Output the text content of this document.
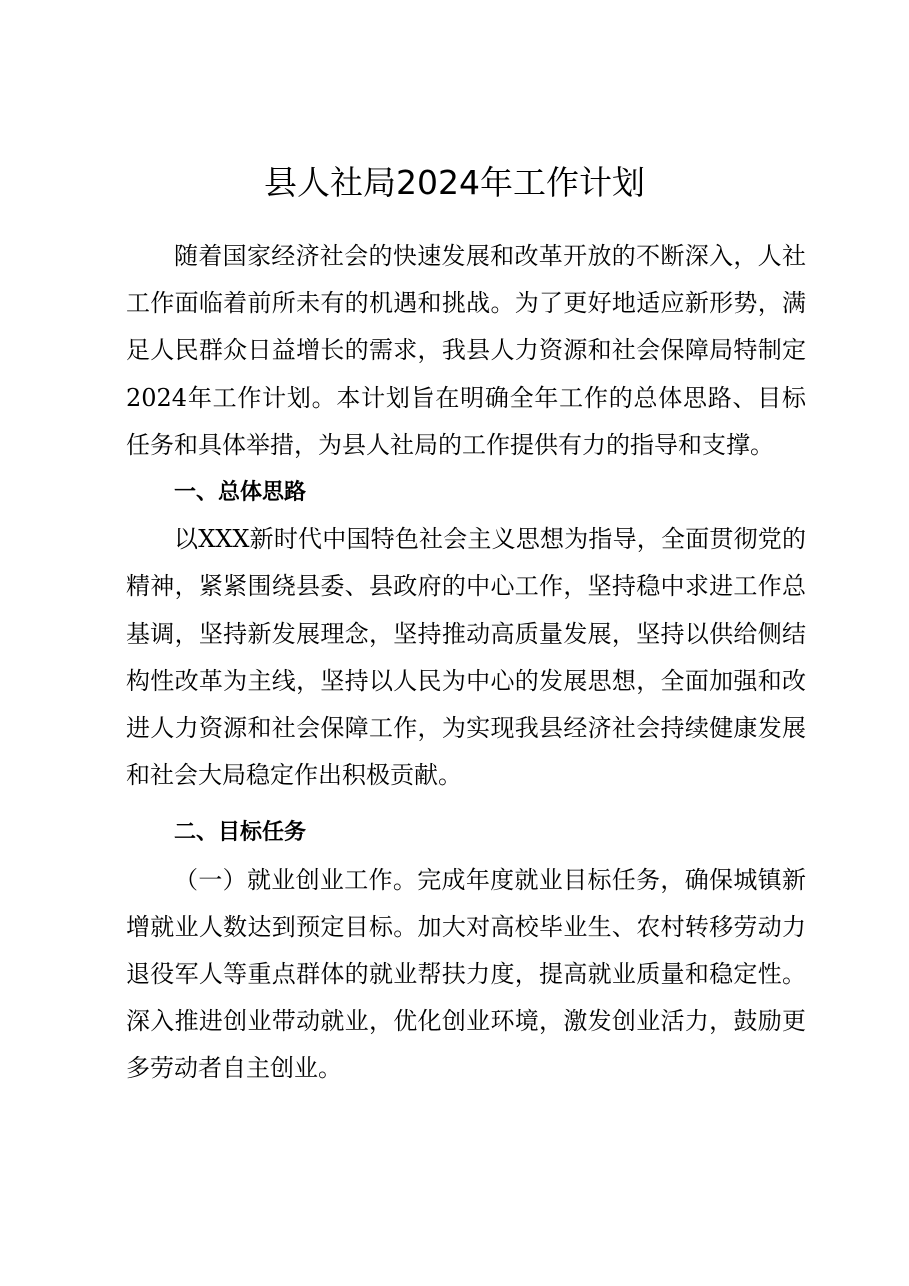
县人社局2024年工作计划

随着国家经济社会的快速发展和改革开放的不断深入，人社工作面临着前所未有的机遇和挑战。为了更好地适应新形势，满足人民群众日益增长的需求，我县人力资源和社会保障局特制定2024年工作计划。本计划旨在明确全年工作的总体思路、目标任务和具体举措，为县人社局的工作提供有力的指导和支撑。

一、总体思路

以XXX新时代中国特色社会主义思想为指导，全面贯彻党的精神，紧紧围绕县委、县政府的中心工作，坚持稳中求进工作总基调，坚持新发展理念，坚持推动高质量发展，坚持以供给侧结构性改革为主线，坚持以人民为中心的发展思想，全面加强和改进人力资源和社会保障工作，为实现我县经济社会持续健康发展和社会大局稳定作出积极贡献。

二、目标任务

（一）就业创业工作。完成年度就业目标任务，确保城镇新增就业人数达到预定目标。加大对高校毕业生、农村转移劳动力退役军人等重点群体的就业帮扶力度，提高就业质量和稳定性。深入推进创业带动就业，优化创业环境，激发创业活力，鼓励更多劳动者自主创业。
